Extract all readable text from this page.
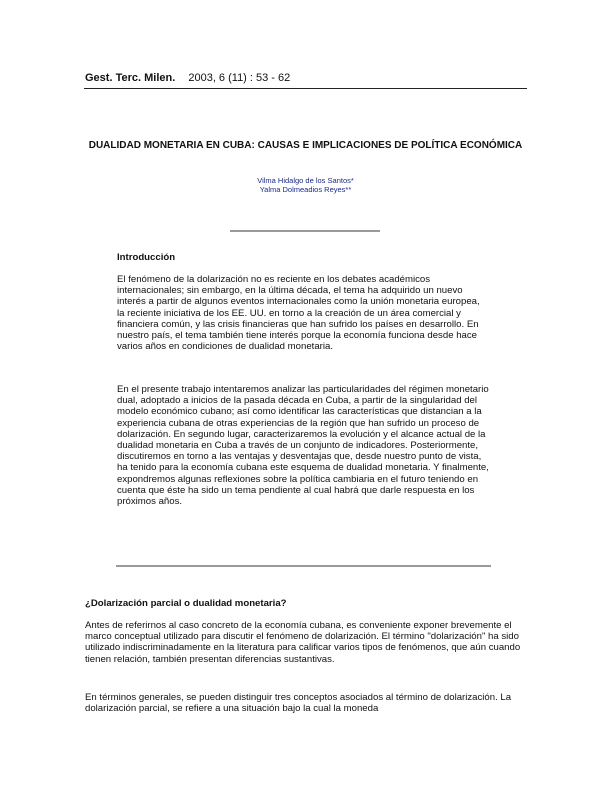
Gest. Terc. Milen. 2003, 6 (11) : 53 - 62
DUALIDAD MONETARIA EN CUBA: CAUSAS E IMPLICACIONES DE POLÍTICA ECONÓMICA
Vilma Hidalgo de los Santos*
Yalma Dolmeadios Reyes**
Introducción

El fenómeno de la dolarización no es reciente en los debates académicos internacionales; sin embargo, en la última década, el tema ha adquirido un nuevo interés a partir de algunos eventos internacionales como la unión monetaria europea, la reciente iniciativa de los EE. UU. en torno a la creación de un área comercial y financiera común, y las crisis financieras que han sufrido los países en desarrollo. En nuestro país, el tema también tiene interés porque la economía funciona desde hace varios años en condiciones de dualidad monetaria.

En el presente trabajo intentaremos analizar las particularidades del régimen monetario dual, adoptado a inicios de la pasada década en Cuba, a partir de la singularidad del modelo económico cubano; así como identificar las características que distancian a la experiencia cubana de otras experiencias de la región que han sufrido un proceso de dolarización. En segundo lugar, caracterizaremos la evolución y el alcance actual de la dualidad monetaria en Cuba a través de un conjunto de indicadores. Posteriormente, discutiremos en torno a las ventajas y desventajas que, desde nuestro punto de vista, ha tenido para la economía cubana este esquema de dualidad monetaria. Y finalmente, expondremos algunas reflexiones sobre la política cambiaria en el futuro teniendo en cuenta que éste ha sido un tema pendiente al cual habrá que darle respuesta en los próximos años.

¿Dolarización parcial o dualidad monetaria?

Antes de referirnos al caso concreto de la economía cubana, es conveniente exponer brevemente el marco conceptual utilizado para discutir el fenómeno de dolarización. El término "dolarización" ha sido utilizado indiscriminadamente en la literatura para calificar varios tipos de fenómenos, que aún cuando tienen relación, también presentan diferencias sustantivas.

En términos generales, se pueden distinguir tres conceptos asociados al término de dolarización. La dolarización parcial, se refiere a una situación bajo la cual la moneda
